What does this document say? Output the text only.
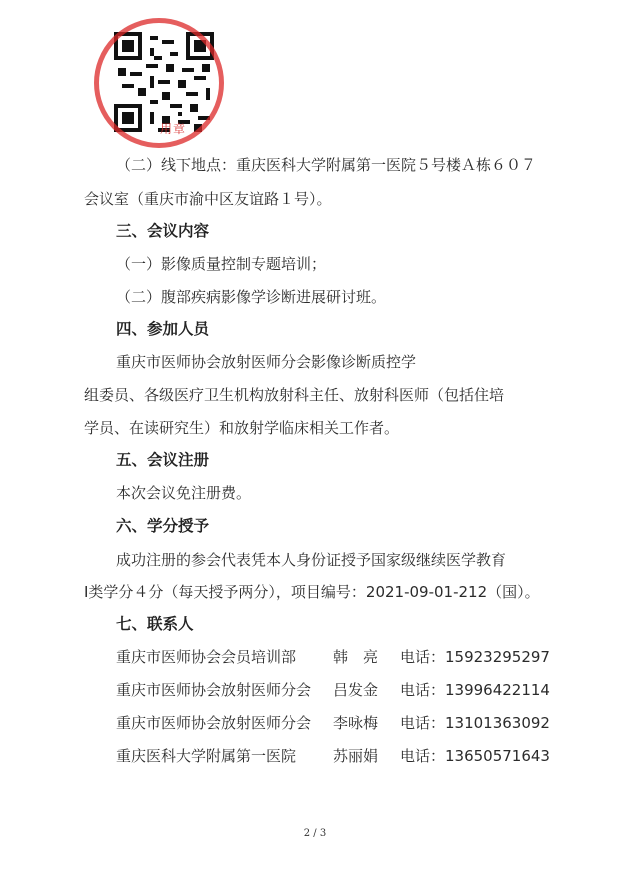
用章
（二）线下地点：重庆医科大学附属第一医院５号楼Ａ栋６０７
会议室（重庆市渝中区友谊路１号）。
三、会议内容
（一）影像质量控制专题培训；
（二）腹部疾病影像学诊断进展研讨班。
四、参加人员
重庆市医师协会放射医师分会影像诊断质控学
组委员、各级医疗卫生机构放射科主任、放射科医师（包括住培
学员、在读研究生）和放射学临床相关工作者。
五、会议注册
本次会议免注册费。
六、学分授予
成功注册的参会代表凭本人身份证授予国家级继续医学教育
Ⅰ类学分４分（每天授予两分），项目编号：2021-09-01-212（国）。
七、联系人
重庆市医师协会会员培训部 韩　亮 电话：15923295297
重庆市医师协会放射医师分会 吕发金 电话：13996422114
重庆市医师协会放射医师分会 李咏梅 电话：13101363092
重庆医科大学附属第一医院 苏丽娟 电话：13650571643
2 / 3
